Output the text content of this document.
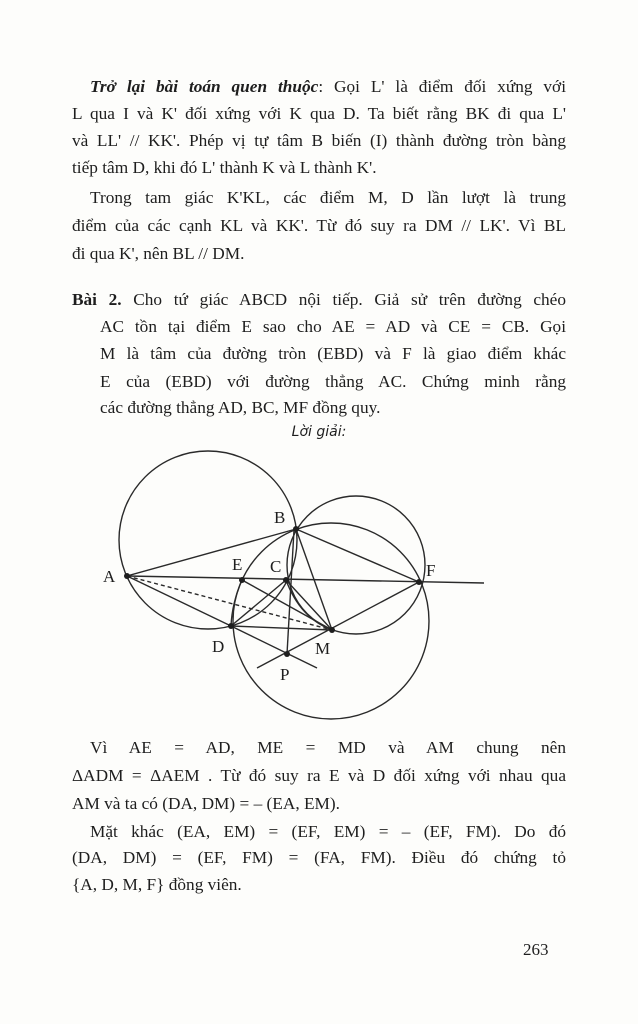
Trở lại bài toán quen thuộc: Gọi L' là điểm đối xứng với
L qua I và K' đối xứng với K qua D. Ta biết rằng BK đi qua L'
và LL' // KK'. Phép vị tự tâm B biến (I) thành đường tròn bàng
tiếp tâm D, khi đó L' thành K và L thành K'.
Trong tam giác K'KL, các điểm M, D lần lượt là trung
điểm của các cạnh KL và KK'. Từ đó suy ra DM // LK'. Vì BL
đi qua K', nên BL // DM.
Bài 2. Cho tứ giác ABCD nội tiếp. Giả sử trên đường chéo
AC tồn tại điểm E sao cho AE = AD và CE = CB. Gọi
M là tâm của đường tròn (EBD) và F là giao điểm khác
E của (EBD) với đường thẳng AC. Chứng minh rằng
các đường thẳng AD, BC, MF đồng quy.
Lời giải:
A
B
E C	F
D	M
P
Vì AE = AD, ME = MD và AM chung nên
ΔADM = ΔAEM . Từ đó suy ra E và D đối xứng với nhau qua
AM và ta có (DA, DM) = – (EA, EM).
Mặt khác (EA, EM) = (EF, EM) = – (EF, FM). Do đó
(DA, DM) = (EF, FM) = (FA, FM). Điều đó chứng tỏ
{A, D, M, F} đồng viên.
263
